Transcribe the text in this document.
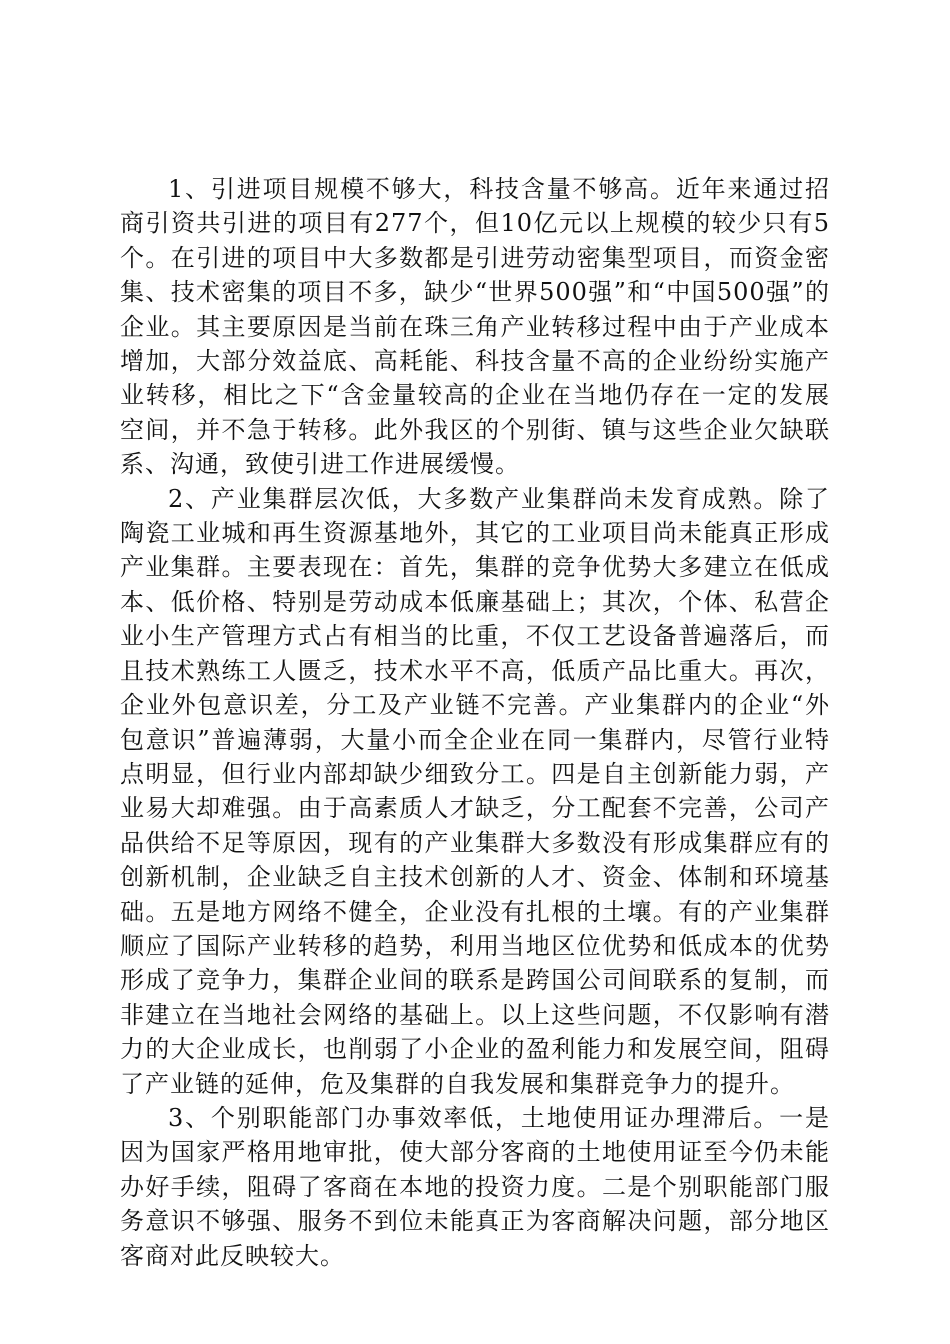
1、引进项目规模不够大，科技含量不够高。近年来通过招商引资共引进的项目有277个，但10亿元以上规模的较少只有5个。在引进的项目中大多数都是引进劳动密集型项目，而资金密集、技术密集的项目不多，缺少“世界500强”和“中国500强”的企业。其主要原因是当前在珠三角产业转移过程中由于产业成本增加，大部分效益底、高耗能、科技含量不高的企业纷纷实施产业转移，相比之下“含金量较高的企业在当地仍存在一定的发展空间，并不急于转移。此外我区的个别街、镇与这些企业欠缺联系、沟通，致使引进工作进展缓慢。

2、产业集群层次低，大多数产业集群尚未发育成熟。除了陶瓷工业城和再生资源基地外，其它的工业项目尚未能真正形成产业集群。主要表现在：首先，集群的竞争优势大多建立在低成本、低价格、特别是劳动成本低廉基础上；其次，个体、私营企业小生产管理方式占有相当的比重，不仅工艺设备普遍落后，而且技术熟练工人匮乏，技术水平不高，低质产品比重大。再次，企业外包意识差，分工及产业链不完善。产业集群内的企业“外包意识”普遍薄弱，大量小而全企业在同一集群内，尽管行业特点明显，但行业内部却缺少细致分工。四是自主创新能力弱，产业易大却难强。由于高素质人才缺乏，分工配套不完善，公司产品供给不足等原因，现有的产业集群大多数没有形成集群应有的创新机制，企业缺乏自主技术创新的人才、资金、体制和环境基础。五是地方网络不健全，企业没有扎根的土壤。有的产业集群顺应了国际产业转移的趋势，利用当地区位优势和低成本的优势形成了竞争力，集群企业间的联系是跨国公司间联系的复制，而非建立在当地社会网络的基础上。以上这些问题，不仅影响有潜力的大企业成长，也削弱了小企业的盈利能力和发展空间，阻碍了产业链的延伸，危及集群的自我发展和集群竞争力的提升。

3、个别职能部门办事效率低，土地使用证办理滞后。一是因为国家严格用地审批，使大部分客商的土地使用证至今仍未能办好手续，阻碍了客商在本地的投资力度。二是个别职能部门服务意识不够强、服务不到位未能真正为客商解决问题，部分地区客商对此反映较大。
